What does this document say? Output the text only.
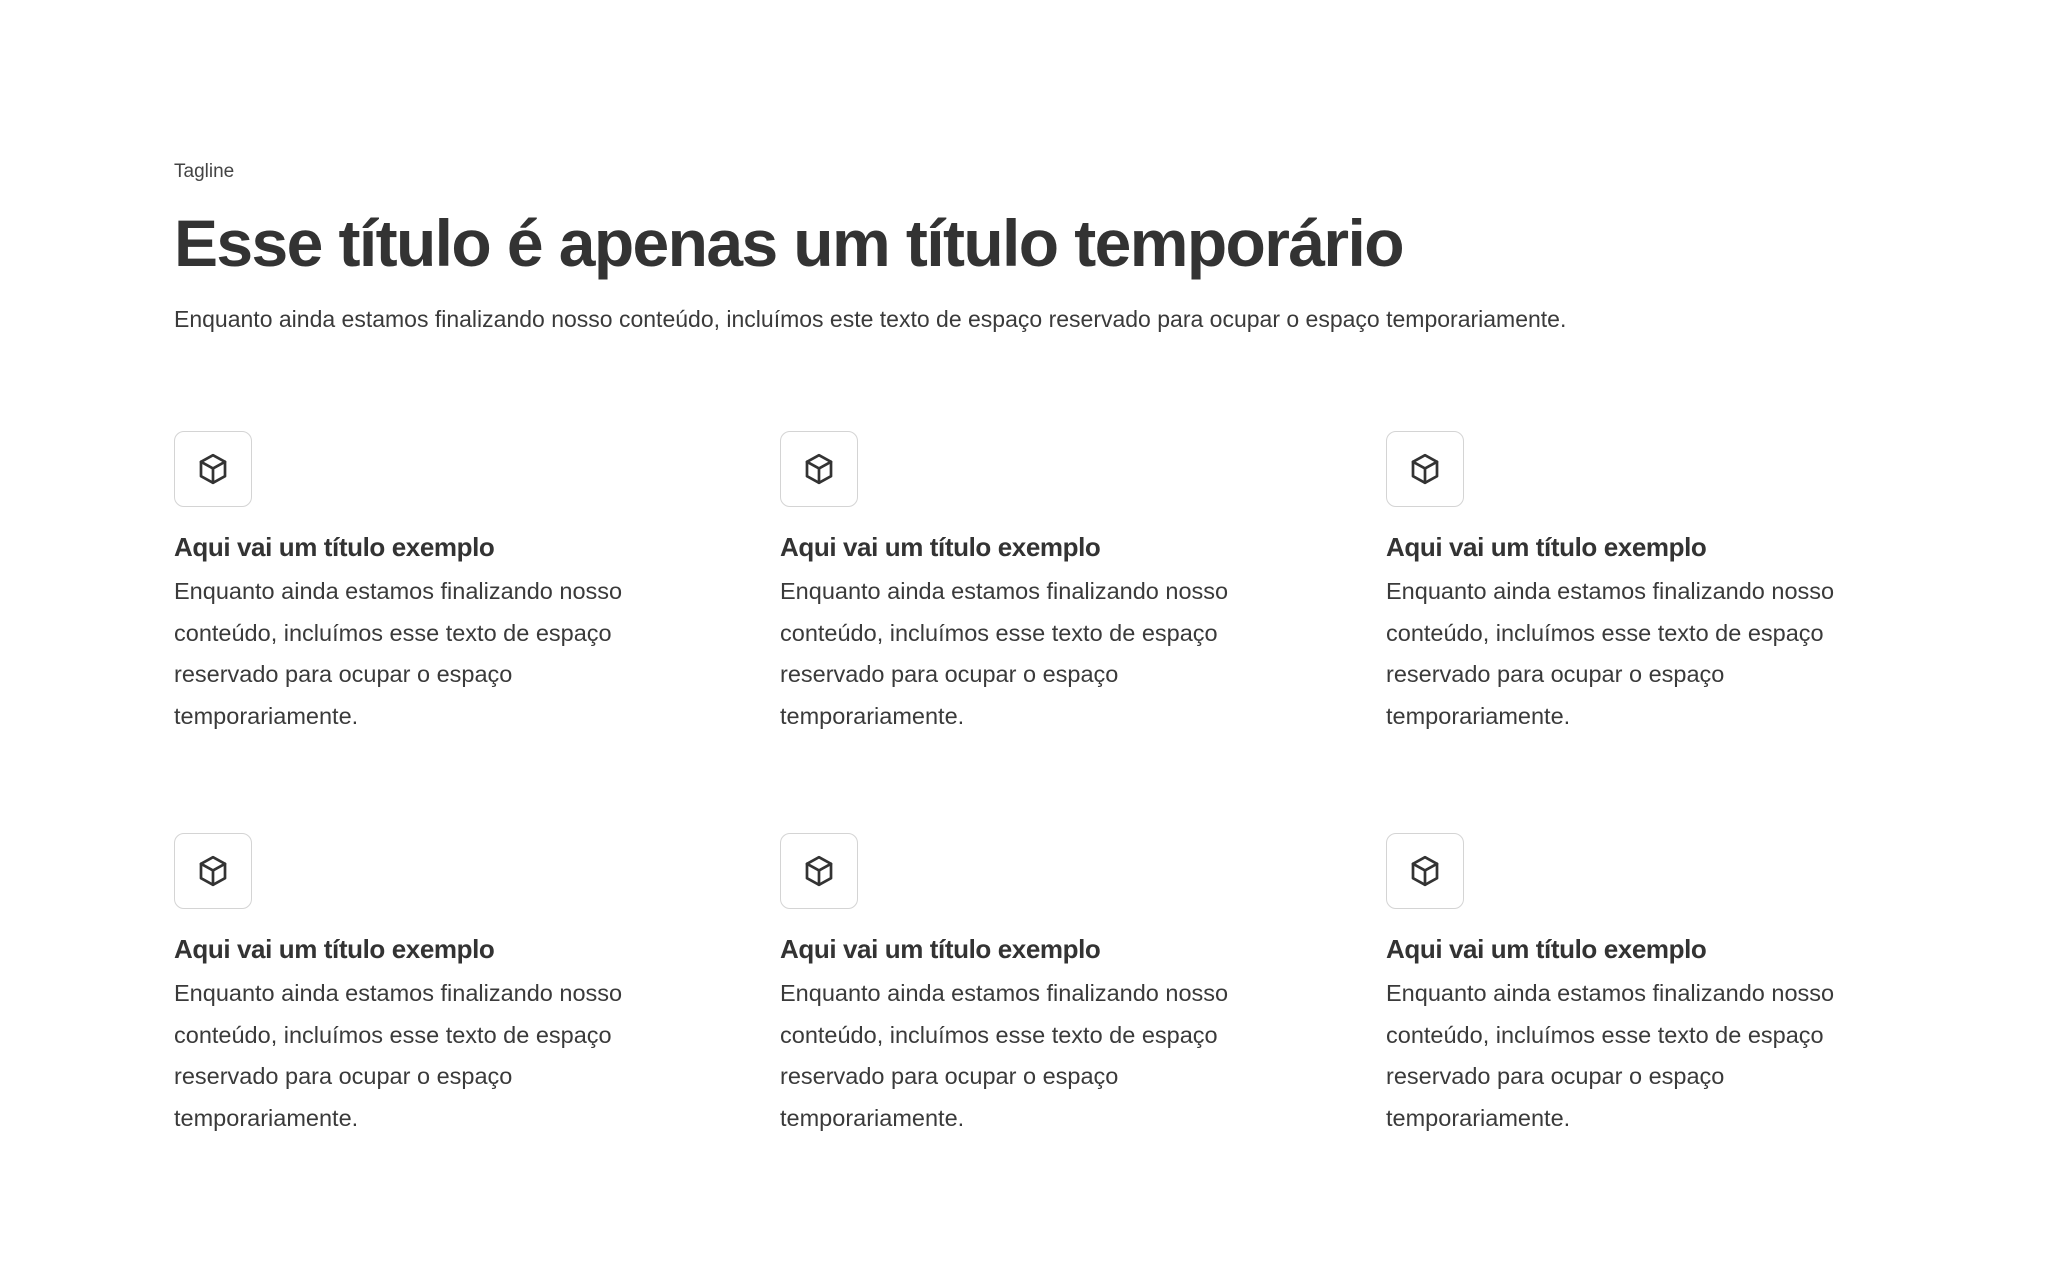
Tagline
Esse título é apenas um título temporário

Enquanto ainda estamos finalizando nosso conteúdo, incluímos este texto de espaço reservado para ocupar o espaço temporariamente.

Aqui vai um título exemplo

Enquanto ainda estamos finalizando nosso conteúdo, incluímos esse texto de espaço reservado para ocupar o espaço temporariamente.

Aqui vai um título exemplo

Enquanto ainda estamos finalizando nosso conteúdo, incluímos esse texto de espaço reservado para ocupar o espaço temporariamente.

Aqui vai um título exemplo

Enquanto ainda estamos finalizando nosso conteúdo, incluímos esse texto de espaço reservado para ocupar o espaço temporariamente.

Aqui vai um título exemplo

Enquanto ainda estamos finalizando nosso conteúdo, incluímos esse texto de espaço reservado para ocupar o espaço temporariamente.

Aqui vai um título exemplo

Enquanto ainda estamos finalizando nosso conteúdo, incluímos esse texto de espaço reservado para ocupar o espaço temporariamente.

Aqui vai um título exemplo

Enquanto ainda estamos finalizando nosso conteúdo, incluímos esse texto de espaço reservado para ocupar o espaço temporariamente.
